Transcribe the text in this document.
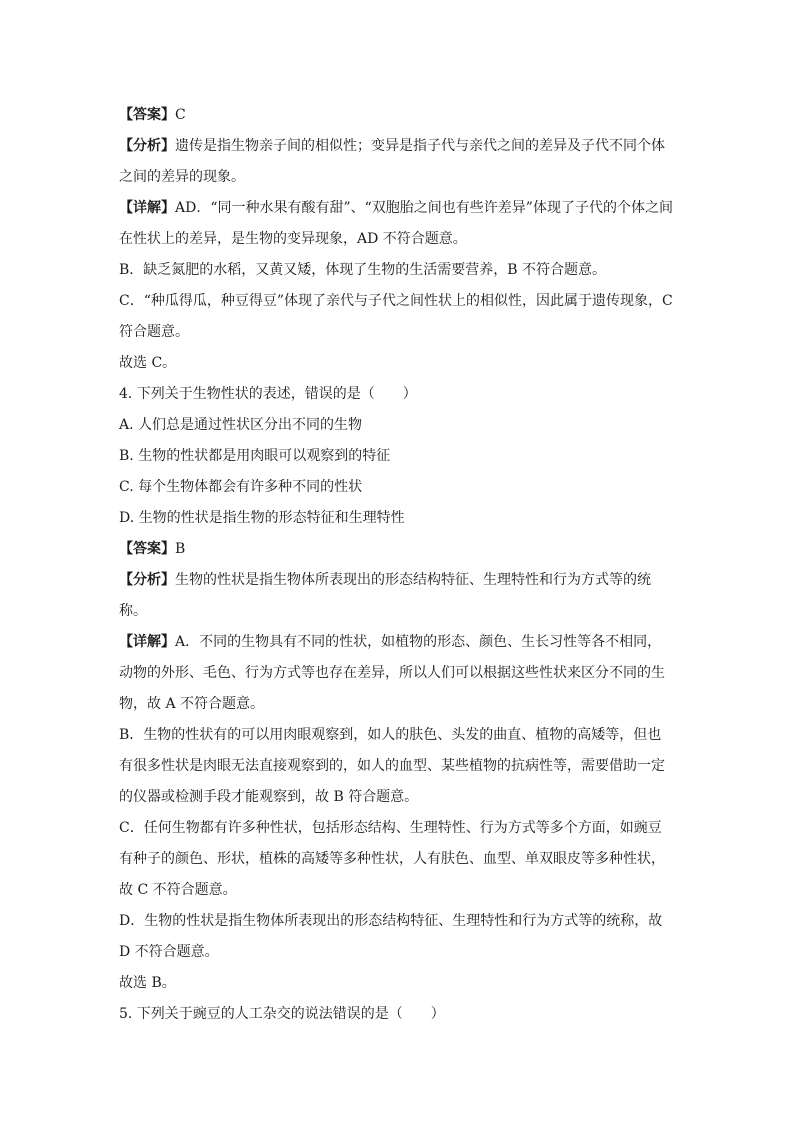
【答案】C
【分析】遗传是指生物亲子间的相似性；变异是指子代与亲代之间的差异及子代不同个体
之间的差异的现象。
【详解】AD．“同一种水果有酸有甜”、“双胞胎之间也有些许差异”体现了子代的个体之间
在性状上的差异，是生物的变异现象，AD 不符合题意。
B．缺乏氮肥的水稻，又黄又矮，体现了生物的生活需要营养，B 不符合题意。
C．“种瓜得瓜，种豆得豆”体现了亲代与子代之间性状上的相似性，因此属于遗传现象，C
符合题意。
故选 C。
4. 下列关于生物性状的表述，错误的是（　　）
A. 人们总是通过性状区分出不同的生物
B. 生物的性状都是用肉眼可以观察到的特征
C. 每个生物体都会有许多种不同的性状
D. 生物的性状是指生物的形态特征和生理特性
【答案】B
【分析】生物的性状是指生物体所表现出的形态结构特征、生理特性和行为方式等的统
称。
【详解】A．不同的生物具有不同的性状，如植物的形态、颜色、生长习性等各不相同，
动物的外形、毛色、行为方式等也存在差异，所以人们可以根据这些性状来区分不同的生
物，故 A 不符合题意。
B．生物的性状有的可以用肉眼观察到，如人的肤色、头发的曲直、植物的高矮等，但也
有很多性状是肉眼无法直接观察到的，如人的血型、某些植物的抗病性等，需要借助一定
的仪器或检测手段才能观察到，故 B 符合题意。
C．任何生物都有许多种性状，包括形态结构、生理特性、行为方式等多个方面，如豌豆
有种子的颜色、形状，植株的高矮等多种性状，人有肤色、血型、单双眼皮等多种性状，
故 C 不符合题意。
D．生物的性状是指生物体所表现出的形态结构特征、生理特性和行为方式等的统称，故
D 不符合题意。
故选 B。
5. 下列关于豌豆的人工杂交的说法错误的是（　　）
